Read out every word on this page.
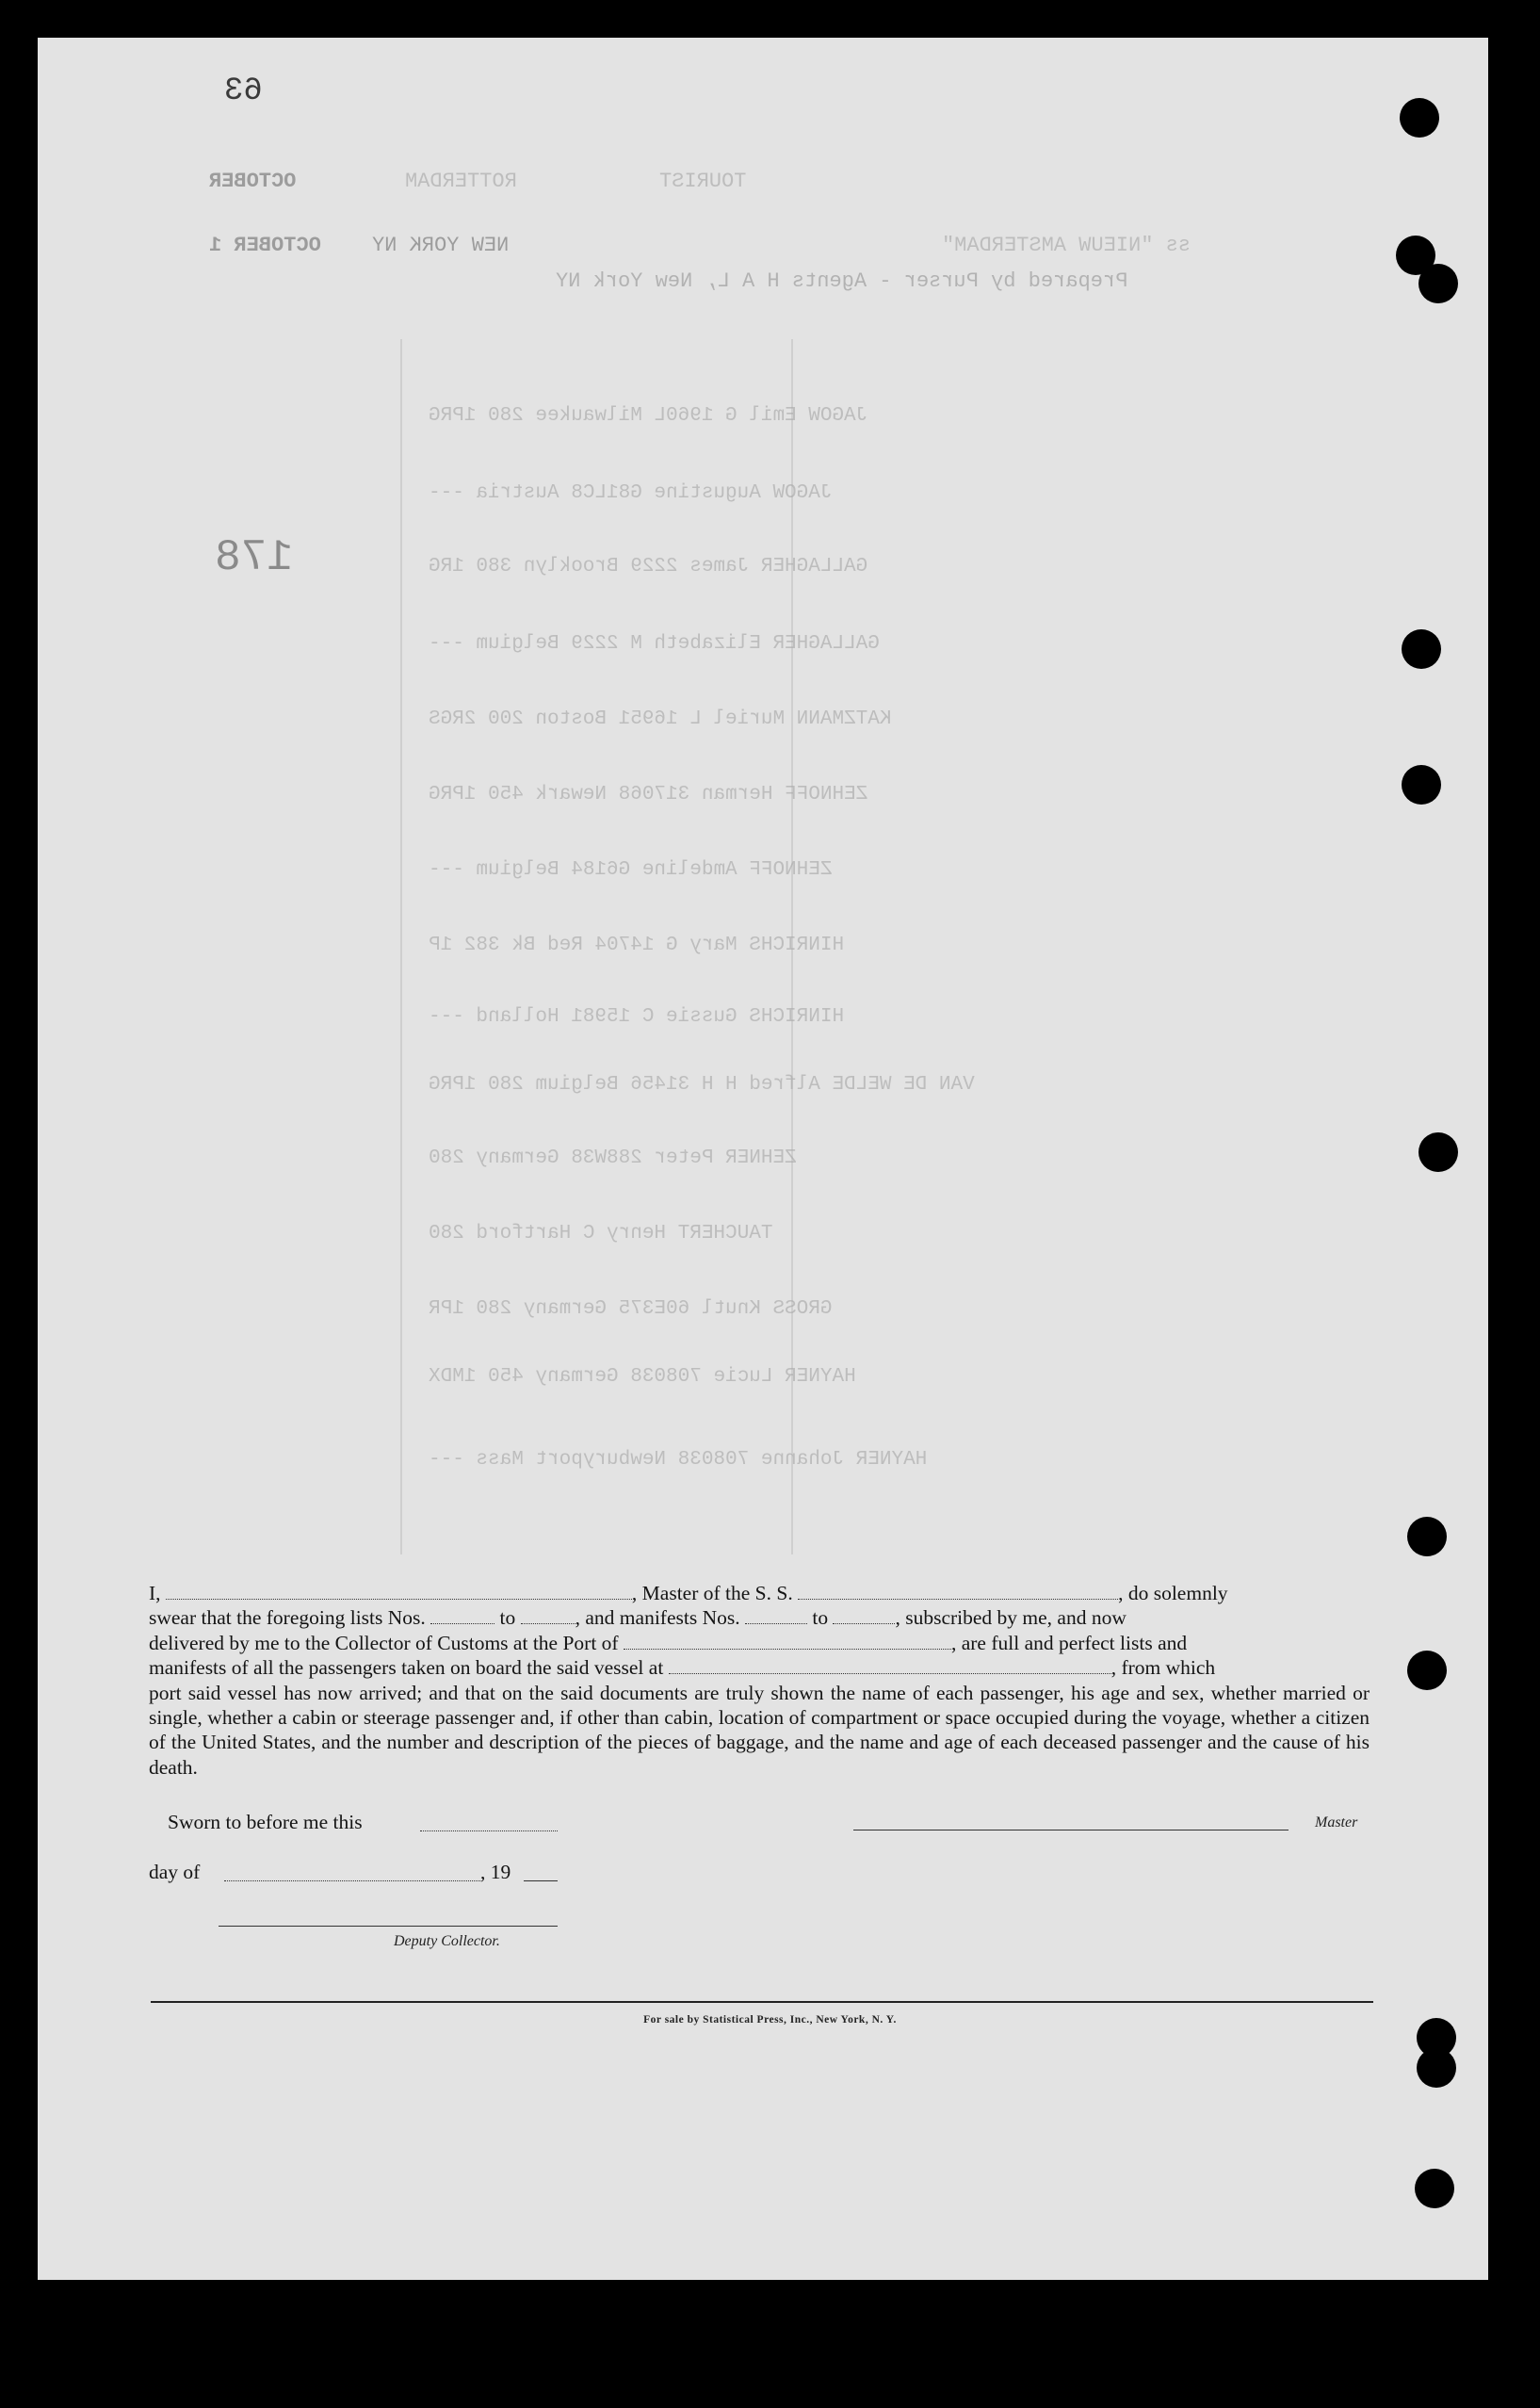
63
178
OCTOBER	ROTTERDAM	TOURIST
ss "NIEUW AMSTERDAM"
NEW YORK NY
OCTOBER 1
Prepared by Purser - Agents H A L, New York NY
JAGOW Emil G 1960L Milwaukee 280 1PRG
JAGOW Augustine G81LC8 Austria ---
GALLAGHER James 2229 Brooklyn 380 1RG
GALLAGHER Elizabeth M 2229 Belgium ---
KATZMANN Muriel L 16951 Boston 200 2RGS
ZEHNOFF Herman 317068 Newark 450 1PRG
ZEHNOFF Amdeline G6184 Belgium ---
HINRICHS Mary G 14704 Red Bk 382 1P
HINRICHS Gussie C 15981 Holland ---
VAN DE WELDE Alfred H H 31456 Belgium 280 1PRG
ZEHNER Peter 288W38 Germany 280
TAUCHERT Henry C Hartford 280
GROSS Knutl 60E375 Germany 280 1PR
HAYNER Lucie 708038 Germany 450 1MDX
HAYNER Johanne 708038 Newburyport Mass ---
I,	, Master of the S. S.	, do solemnly
swear that the foregoing lists Nos.	to	, and manifests Nos.	to	, subscribed by me, and now
delivered by me to the Collector of Customs at the Port of	, are full and perfect lists and
manifests of all the passengers taken on board the said vessel at	, from which
port said vessel has now arrived; and that on the said documents are truly shown the name of each passenger, his age and sex, whether married or single, whether a cabin or steerage passenger and, if other than cabin, location of compartment or space occupied during the voyage, whether a citizen of the United States, and the number and description of the pieces of baggage, and the name and age of each deceased passenger and the cause of his death.
Sworn to before me this	Master
day of	, 19
Deputy Collector.
For sale by Statistical Press, Inc., New York, N. Y.
